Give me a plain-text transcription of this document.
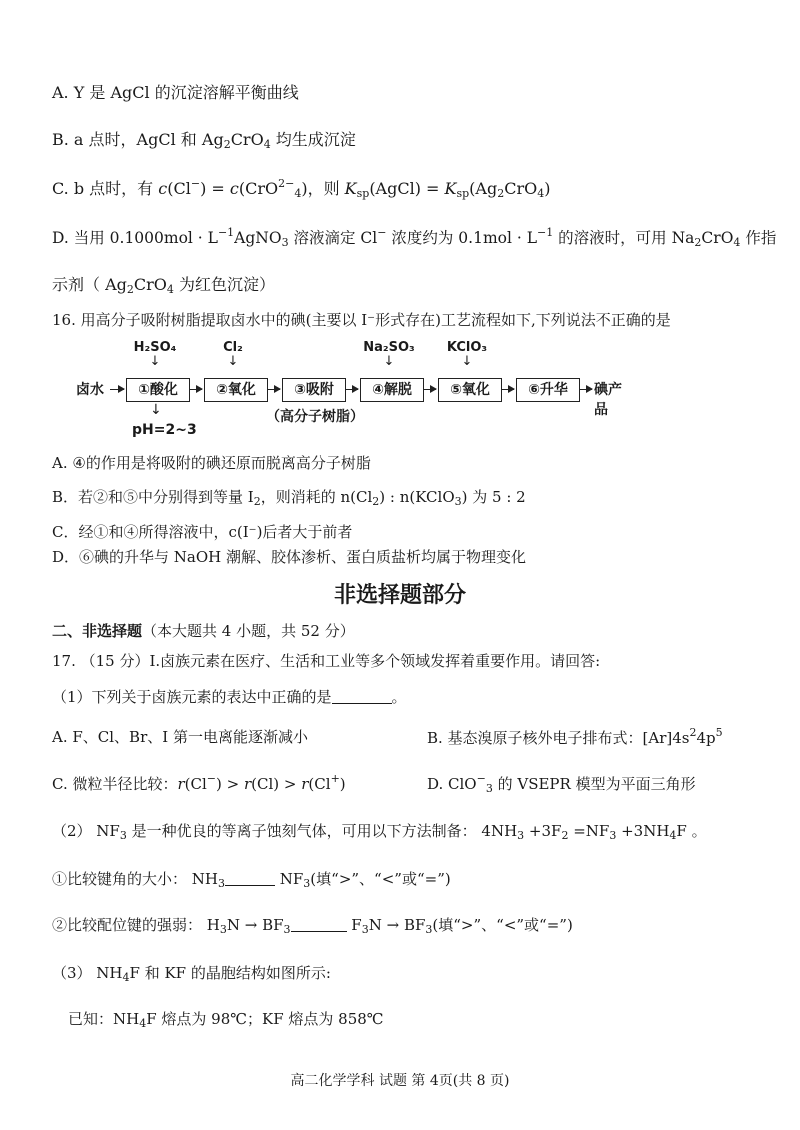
A. Y 是 AgCl 的沉淀溶解平衡曲线
B. a 点时，AgCl 和 $Ag_2CrO_4$ 均生成沉淀
C. b 点时，有 c(Cl−) = c(CrO$^{2-}_4$)，则 $K_{sp}(AgCl) = K_{sp}(Ag_2CrO_4)$
D. 当用 $0.1000mol \cdot L^{-1}AgNO_3$ 溶液滴定 Cl− 浓度约为 $0.1mol \cdot L^{-1}$ 的溶液时，可用 $Na_2CrO_4$ 作指
示剂（ $Ag_2CrO_4$ 为红色沉淀）
16. 用高分子吸附树脂提取卤水中的碘(主要以 I⁻形式存在)工艺流程如下,下列说法不正确的是
卤水	①酸化	②氧化	③吸附	④解脱	⑤氧化	⑥升华	碘产品
H₂SO₄
↓
Cl₂
↓
Na₂SO₃
↓
KClO₃
↓
↓
pH=2~3
（高分子树脂）
A. ④的作用是将吸附的碘还原而脱离高分子树脂
B．若②和⑤中分别得到等量 $I_2$，则消耗的 $n(Cl_2)$ : n(KClO$_3$) 为 5 : 2
C．经①和④所得溶液中，c(I⁻)后者大于前者
D．⑥碘的升华与 NaOH 潮解、胶体渗析、蛋白质盐析均属于物理变化
非选择题部分
二、非选择题（本大题共 4 小题，共 52 分）
17. （15 分）I.卤族元素在医疗、生活和工业等多个领域发挥着重要作用。请回答:
（1）下列关于卤族元素的表达中正确的是	。
A. F、Cl、Br、I 第一电离能逐渐减小	B. 基态溴原子核外电子排布式：$[Ar]4s^24p^5$
C. 微粒半径比较：r(Cl−) > r(Cl) > r(Cl+)	D. ClO−$_3$ 的 VSEPR 模型为平面三角形
（2） $NF_3$ 是一种优良的等离子蚀刻气体，可用以下方法制备： $4NH_3 +3F_2 =NF_3 +3NH_4F$ 。
①比较键角的大小： $NH_3$	$NF_3$(填“>”、“<”或“=”)
②比较配位键的强弱： $H_3N \to BF_3$	$F_3N \to BF_3$(填“>”、“<”或“=”)
（3） $NH_4F$ 和 KF 的晶胞结构如图所示:
已知：$NH_4F$ 熔点为 98℃；KF 熔点为 858℃
高二化学学科 试题 第 4页(共 8 页)
